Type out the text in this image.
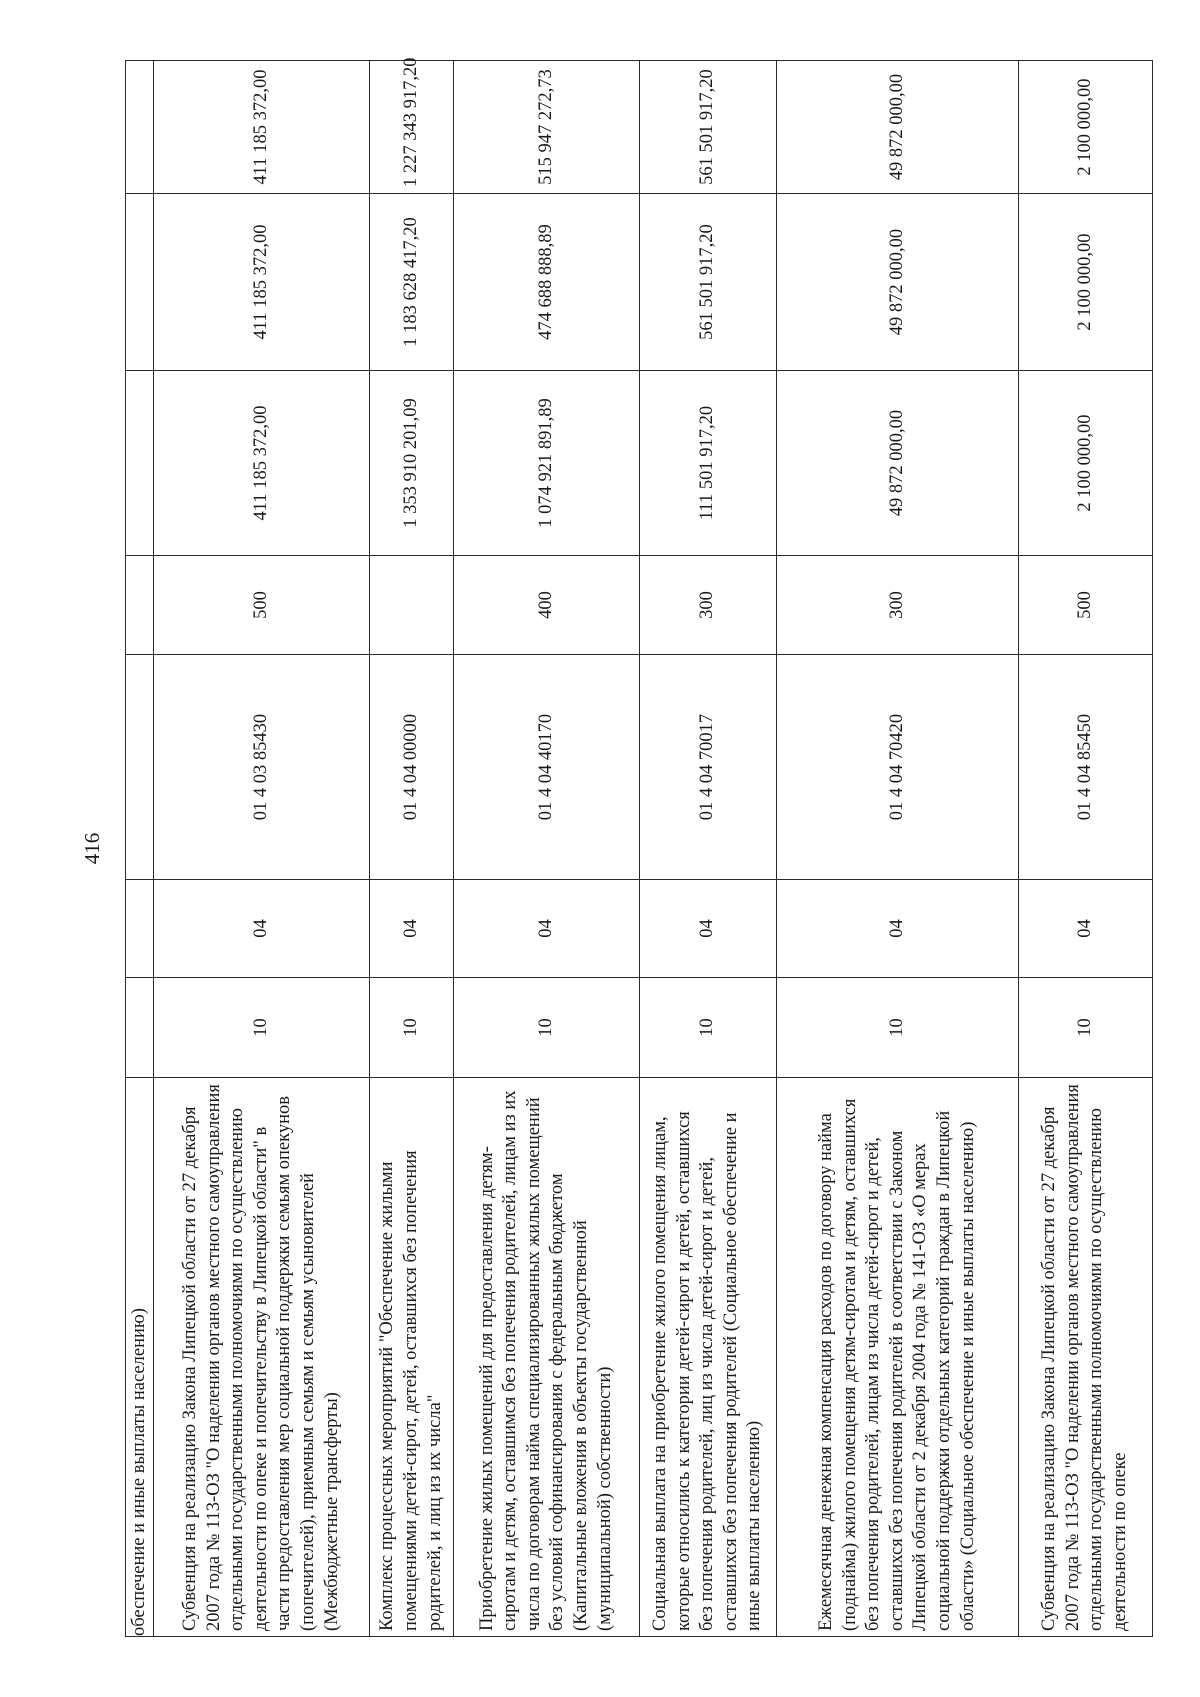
416
обеспечение и иные выплаты населению)							
Субвенция на реализацию Закона Липецкой области от 27 декабря 2007 года № 113-ОЗ "О наделении органов местного самоуправления отдельными государственными полномочиями по осуществлению деятельности по опеке и попечительству в Липецкой области" в части предоставления мер социальной поддержки семьям опекунов (попечителей), приемным семьям и семьям усыновителей (Межбюджетные трансферты)	10	04	01 4 03 85430	500	411 185 372,00	411 185 372,00	411 185 372,00
Комплекс процессных мероприятий "Обеспечение жилыми помещениями детей-сирот, детей, оставшихся без попечения родителей, и лиц из их числа"	10	04	01 4 04 00000		1 353 910 201,09	1 183 628 417,20	1 227 343 917,20
Приобретение жилых помещений для предоставления детям-сиротам и детям, оставшимся без попечения родителей, лицам из их числа по договорам найма специализированных жилых помещений без условий софинансирования с федеральным бюджетом (Капитальные вложения в объекты государственной (муниципальной) собственности)	10	04	01 4 04 40170	400	1 074 921 891,89	474 688 888,89	515 947 272,73
Социальная выплата на приобретение жилого помещения лицам, которые относились к категории детей-сирот и детей, оставшихся без попечения родителей, лиц из числа детей-сирот и детей, оставшихся без попечения родителей (Социальное обеспечение и иные выплаты населению)	10	04	01 4 04 70017	300	111 501 917,20	561 501 917,20	561 501 917,20
Ежемесячная денежная компенсация расходов по договору найма (поднайма) жилого помещения детям-сиротам и детям, оставшихся без попечения родителей, лицам из числа детей-сирот и детей, оставшихся без попечения родителей в соответствии с Законом Липецкой области от 2 декабря 2004 года № 141-ОЗ «О мерах социальной поддержки отдельных категорий граждан в Липецкой области» (Социальное обеспечение и иные выплаты населению)	10	04	01 4 04 70420	300	49 872 000,00	49 872 000,00	49 872 000,00
Субвенция на реализацию Закона Липецкой области от 27 декабря 2007 года № 113-ОЗ "О наделении органов местного самоуправления отдельными государственными полномочиями по осуществлению деятельности по опеке	10	04	01 4 04 85450	500	2 100 000,00	2 100 000,00	2 100 000,00
